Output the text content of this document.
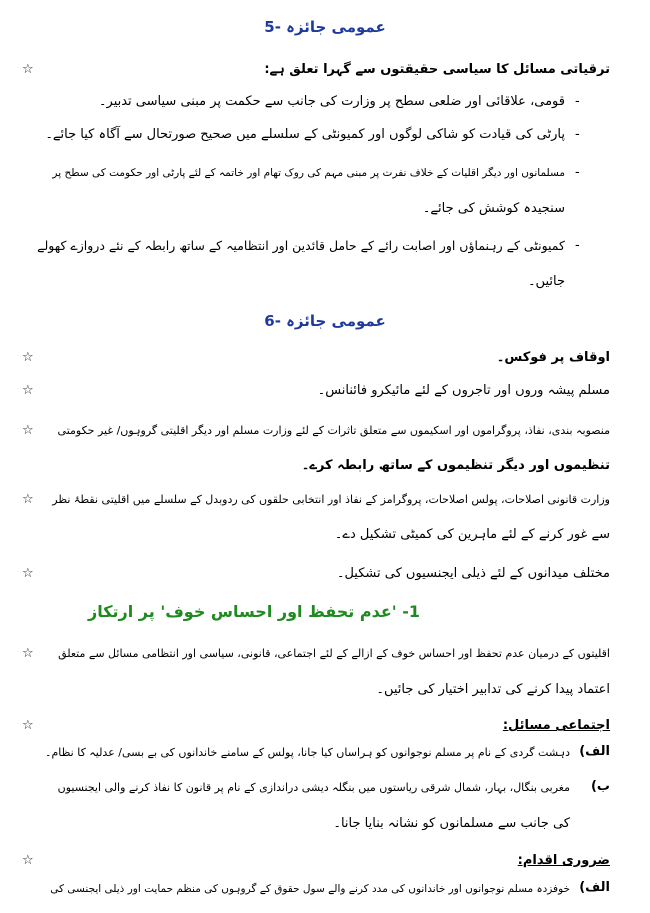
عمومی جائزہ -5
☆	ترقیاتی مسائل کا سیاسی حقیقتوں سے گہرا تعلق ہے:
-
قومی، علاقائی اور ضلعی سطح پر وزارت کی جانب سے حکمت پر مبنی سیاسی تدبیر۔
-
پارٹی کی قیادت کو شاکی لوگوں اور کمیونٹی کے سلسلے میں صحیح صورتحال سے آگاہ کیا جائے۔
-
مسلمانوں اور دیگر اقلیات کے خلاف نفرت پر مبنی مہم کی روک تھام اور خاتمہ کے لئے پارٹی اور حکومت کی سطح پر
سنجیدہ کوشش کی جائے۔
-
کمیونٹی کے رہنماؤں اور اصابت رائے کے حامل قائدین اور انتظامیہ کے ساتھ رابطہ کے نئے دروازے کھولے
جائیں۔
عمومی جائزہ -6
☆	اوقاف پر فوکس۔
☆	مسلم پیشہ وروں اور تاجروں کے لئے مائیکرو فائنانس۔
☆ منصوبہ بندی، نفاذ، پروگراموں اور اسکیموں سے متعلق تاثرات کے لئے وزارت مسلم اور دیگر اقلیتی گروہوں/ غیر حکومتی
تنظیموں اور دیگر تنظیموں کے ساتھ رابطہ کرے۔
☆ وزارت قانونی اصلاحات، پولس اصلاحات، پروگرامز کے نفاذ اور انتخابی حلقوں کی ردوبدل کے سلسلے میں اقلیتی نقطۂ نظر
سے غور کرنے کے لئے ماہرین کی کمیٹی تشکیل دے۔
☆	مختلف میدانوں کے لئے ذیلی ایجنسیوں کی تشکیل۔
1- 'عدم تحفظ اور احساس خوف' پر ارتکاز
☆ اقلیتوں کے درمیان عدم تحفظ اور احساس خوف کے ازالے کے لئے اجتماعی، قانونی، سیاسی اور انتظامی مسائل سے متعلق
اعتماد پیدا کرنے کی تدابیر اختیار کی جائیں۔
☆	اجتماعی مسائل:
الف)
دہشت گردی کے نام پر مسلم نوجوانوں کو ہراساں کیا جانا، پولس کے سامنے خاندانوں کی بے بسی/ عدلیہ کا نظام۔
ب)
مغربی بنگال، بہار، شمال شرقی ریاستوں میں بنگلہ دیشی دراندازی کے نام پر قانون کا نفاذ کرنے والی ایجنسیوں
کی جانب سے مسلمانوں کو نشانہ بنایا جانا۔
☆	ضروری اقدام:
الف)
خوفزدہ مسلم نوجوانوں اور خاندانوں کی مدد کرنے والے سول حقوق کے گروہوں کی منظم حمایت اور ذیلی ایجنسی کی
